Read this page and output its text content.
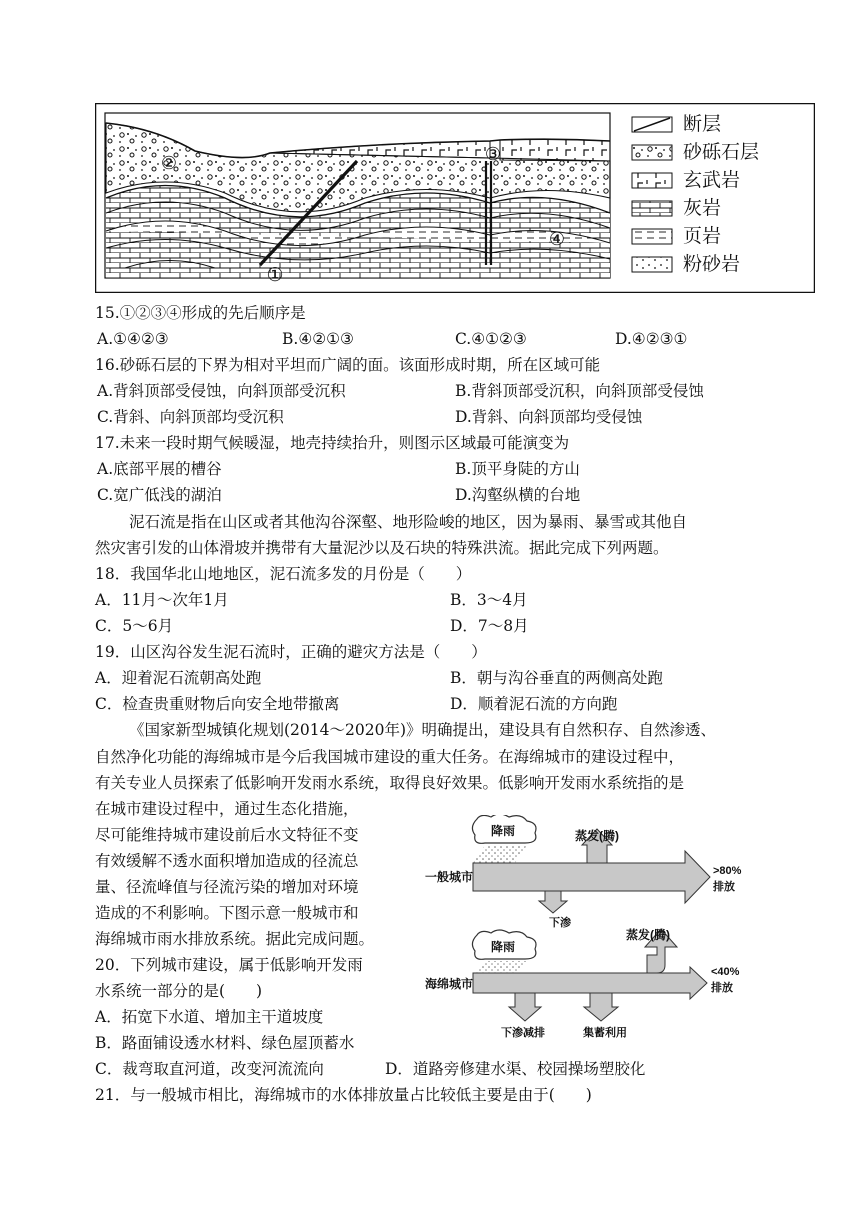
②	③
④
①
断层
砂砾石层
玄武岩
灰岩
页岩
粉砂岩
15.①②③④形成的先后顺序是
A.①④②③	B.④②①③	C.④①②③	D.④②③①
16.砂砾石层的下界为相对平坦而广阔的面。该面形成时期，所在区域可能
A.背斜顶部受侵蚀，向斜顶部受沉积	B.背斜顶部受沉积，向斜顶部受侵蚀
C.背斜、向斜顶部均受沉积	D.背斜、向斜顶部均受侵蚀
17.未来一段时期气候暖湿，地壳持续抬升，则图示区域最可能演变为
A.底部平展的槽谷	B.顶平身陡的方山
C.宽广低浅的湖泊	D.沟壑纵横的台地
泥石流是指在山区或者其他沟谷深壑、地形险峻的地区，因为暴雨、暴雪或其他自
然灾害引发的山体滑坡并携带有大量泥沙以及石块的特殊洪流。据此完成下列两题。
18．我国华北山地地区，泥石流多发的月份是（　　）
A．11月～次年1月	B．3～4月
C．5～6月	D．7～8月
19．山区沟谷发生泥石流时，正确的避灾方法是（　　）
A．迎着泥石流朝高处跑	B．朝与沟谷垂直的两侧高处跑
C．检查贵重财物后向安全地带撤离	D．顺着泥石流的方向跑
《国家新型城镇化规划(2014～2020年)》明确提出，建设具有自然积存、自然渗透、
自然净化功能的海绵城市是今后我国城市建设的重大任务。在海绵城市的建设过程中，
有关专业人员探索了低影响开发雨水系统，取得良好效果。低影响开发雨水系统指的是
在城市建设过程中，通过生态化措施，
尽可能维持城市建设前后水文特征不变
有效缓解不透水面积增加造成的径流总
量、径流峰值与径流污染的增加对环境
造成的不利影响。下图示意一般城市和
海绵城市雨水排放系统。据此完成问题。
降雨
一般城市
蒸发(腾)
>80%
排放
下渗
降雨
海绵城市
蒸发(腾)
<40%
排放
下渗减排	集蓄利用
20．下列城市建设，属于低影响开发雨
水系统一部分的是(　　)
A．拓宽下水道、增加主干道坡度
B．路面铺设透水材料、绿色屋顶蓄水
C．裁弯取直河道，改变河流流向	D．道路旁修建水渠、校园操场塑胶化
21．与一般城市相比，海绵城市的水体排放量占比较低主要是由于(　　)
